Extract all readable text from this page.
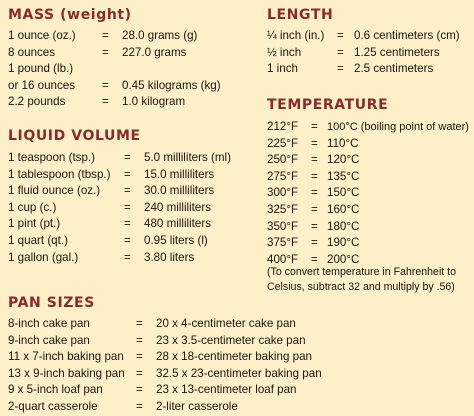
MASS (weight)
1 ounce (oz.) = 28.0 grams (g)
8 ounces	= 227.0 grams
1 pound (lb.)
or 16 ounces = 0.45 kilograms (kg)
2.2 pounds	= 1.0 kilogram
LIQUID VOLUME
1 teaspoon (tsp.) = 5.0 milliliters (ml)
1 tablespoon (tbsp.) = 15.0 milliliters
1 fluid ounce (oz.) = 30.0 milliliters
1 cup (c.)	= 240 milliliters
1 pint (pt.)	= 480 milliliters
1 quart (qt.)	= 0.95 liters (l)
1 gallon (gal.)	= 3.80 liters
LENGTH
¼ inch (in.) = 0.6 centimeters (cm)
½ inch	= 1.25 centimeters
1 inch	= 2.5 centimeters
TEMPERATURE
212°F = 100°C (boiling point of water)
225°F = 110°C
250°F = 120°C
275°F = 135°C
300°F = 150°C
325°F = 160°C
350°F = 180°C
375°F = 190°C
400°F = 200°C
(To convert temperature in Fahrenheit to
Celsius, subtract 32 and multiply by .56)
PAN SIZES
8-inch cake pan	= 20 x 4-centimeter cake pan
9-inch cake pan	= 23 x 3.5-centimeter cake pan
11 x 7-inch baking pan = 28 x 18-centimeter baking pan
13 x 9-inch baking pan = 32.5 x 23-centimeter baking pan
9 x 5-inch loaf pan	= 23 x 13-centimeter loaf pan
2-quart casserole	= 2-liter casserole
